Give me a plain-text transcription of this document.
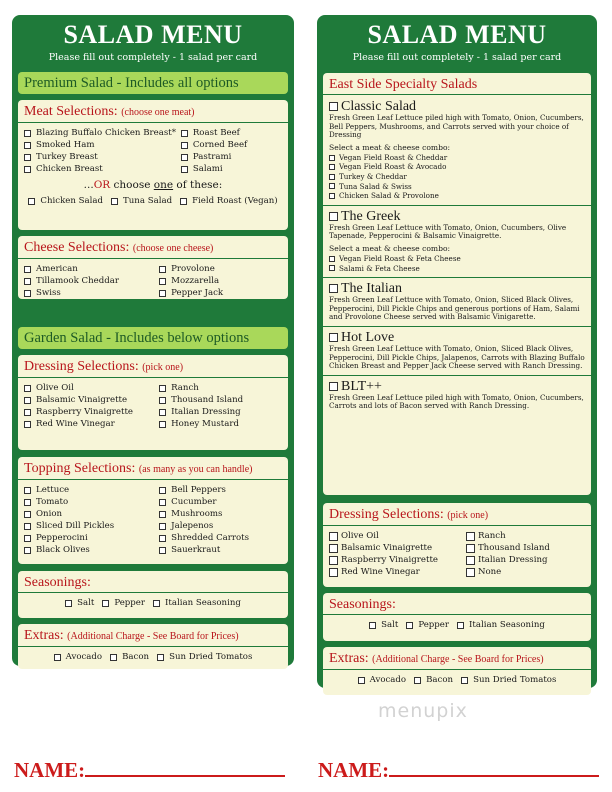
SALAD MENU
Please fill out completely - 1 salad per card
Premium Salad - Includes all options
Meat Selections: (choose one meat)
Blazing Buffalo Chicken Breast*
Smoked Ham
Turkey Breast
Chicken Breast
Roast Beef
Corned Beef
Pastrami
Salami
...OR choose one of these:
Chicken Salad Tuna Salad Field Roast (Vegan)
Cheese Selections: (choose one cheese)
American
Tillamook Cheddar
Swiss
Provolone
Mozzarella
Pepper Jack
Garden Salad - Includes below options
Dressing Selections: (pick one)
Olive Oil
Balsamic Vinaigrette
Raspberry Vinaigrette
Red Wine Vinegar
Ranch
Thousand Island
Italian Dressing
Honey Mustard
Topping Selections: (as many as you can handle)
Lettuce
Tomato
Onion
Sliced Dill Pickles
Pepperocini
Black Olives
Bell Peppers
Cucumber
Mushrooms
Jalepenos
Shredded Carrots
Sauerkraut
Seasonings:
Salt Pepper Italian Seasoning
Extras: (Additional Charge - See Board for Prices)
Avocado Bacon Sun Dried Tomatos
SALAD MENU
Please fill out completely - 1 salad per card
East Side Specialty Salads
Classic Salad
Fresh Green Leaf Lettuce piled high with Tomato, Onion, Cucumbers, Bell Peppers, Mushrooms, and Carrots served with your choice of Dressing
Select a meat & cheese combo:
Vegan Field Roast & Cheddar
Vegan Field Roast & Avocado
Turkey & Cheddar
Tuna Salad & Swiss
Chicken Salad & Provolone
The Greek
Fresh Green Leaf Lettuce with Tomato, Onion, Cucumbers, Olive Tapenade, Pepperocini & Balsamic Vinaigrette.
Select a meat & cheese combo:
Vegan Field Roast & Feta Cheese
Salami & Feta Cheese
The Italian
Fresh Green Leaf Lettuce with Tomato, Onion, Sliced Black Olives, Pepperocini, Dill Pickle Chips and generous portions of Ham, Salami and Provolone Cheese served with Balsamic Vinigarette.
Hot Love
Fresh Green Leaf Lettuce with Tomato, Onion, Sliced Black Olives, Pepperocini, Dill Pickle Chips, Jalapenos, Carrots with Blazing Buffalo Chicken Breast and Pepper Jack Cheese served with Ranch Dressing.
BLT++
Fresh Green Leaf Lettuce piled high with Tomato, Onion, Cucumbers, Carrots and lots of Bacon served with Ranch Dressing.
Dressing Selections: (pick one)
Olive Oil
Balsamic Vinaigrette
Raspberry Vinaigrette
Red Wine Vinegar
Ranch
Thousand Island
Italian Dressing
None
Seasonings:
Salt Pepper Italian Seasoning
Extras: (Additional Charge - See Board for Prices)
Avocado Bacon Sun Dried Tomatos
menupix
NAME:	NAME:
